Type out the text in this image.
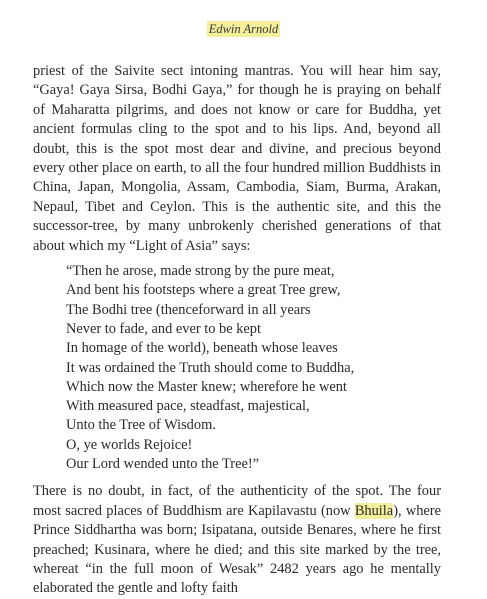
Edwin Arnold

priest of the Saivite sect intoning mantras. You will hear him say, “Gaya! Gaya Sirsa, Bodhi Gaya,” for though he is praying on behalf of Maharatta pilgrims, and does not know or care for Buddha, yet ancient formulas cling to the spot and to his lips. And, beyond all doubt, this is the spot most dear and divine, and precious beyond every other place on earth, to all the four hundred million Buddhists in China, Japan, Mongolia, Assam, Cambodia, Siam, Burma, Arakan, Nepaul, Tibet and Ceylon. This is the authentic site, and this the successor-tree, by many unbrokenly cherished generations of that about which my “Light of Asia” says:

“Then he arose, made strong by the pure meat,
And bent his footsteps where a great Tree grew,
The Bodhi tree (thenceforward in all years
Never to fade, and ever to be kept
In homage of the world), beneath whose leaves
It was ordained the Truth should come to Buddha,
Which now the Master knew; wherefore he went
With measured pace, steadfast, majestical,
Unto the Tree of Wisdom.
O, ye worlds Rejoice!
Our Lord wended unto the Tree!”

There is no doubt, in fact, of the authenticity of the spot. The four most sacred places of Buddhism are Kapilavastu (now Bhuila), where Prince Siddhartha was born; Isipatana, outside Benares, where he first preached; Kusinara, where he died; and this site marked by the tree, whereat “in the full moon of Wesak” 2482 years ago he mentally elaborated the gentle and lofty faith
